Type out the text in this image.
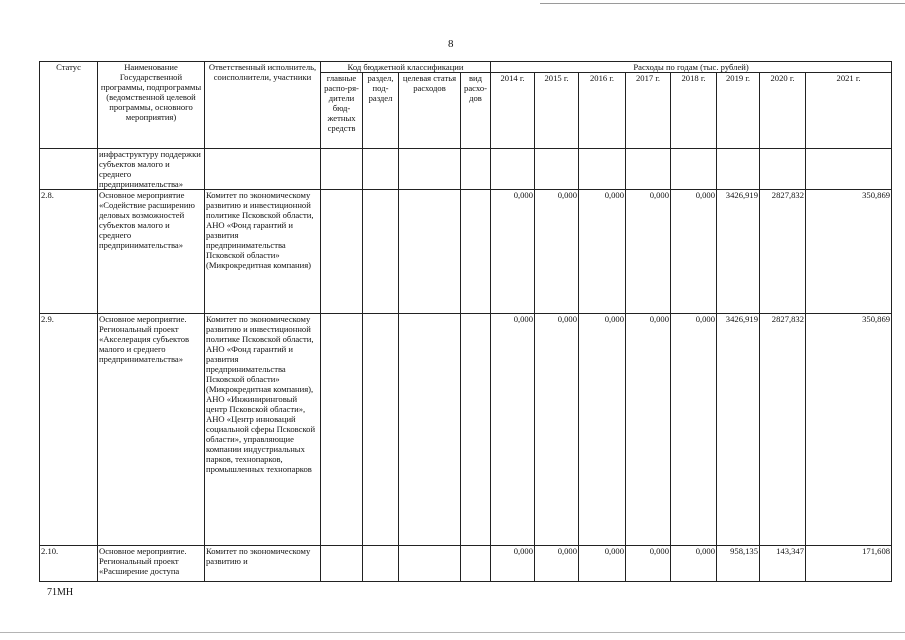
8
Статус	Наименование Государственной программы, подпрограммы (ведомственной целевой программы, основного мероприятия)	Ответственный исполнитель, соисполнители, участники	Код бюджетной классификации				Расходы по годам (тыс. рублей)							
			главные распо-ря-дители бюд-жетных средств	раздел, под-раздел	целевая статья расходов	вид расхо-дов	2014 г.	2015 г.	2016 г.	2017 г.	2018 г.	2019 г.	2020 г.	2021 г.
	инфраструктуру поддержки субъектов малого и среднего предпринимательства»													
2.8.	Основное мероприятие «Содействие расширению деловых возможностей субъектов малого и среднего предпринимательства»	Комитет по экономическому развитию и инвестиционной политике Псковской области, АНО «Фонд гарантий и развития предпринимательства Псковской области» (Микрокредитная компания)					0,000	0,000	0,000	0,000	0,000	3426,919	2827,832	350,869
2.9.	Основное мероприятие. Региональный проект «Акселерация субъектов малого и среднего предпринимательства»	Комитет по экономическому развитию и инвестиционной политике Псковской области, АНО «Фонд гарантий и развития предпринимательства Псковской области» (Микрокредитная компания), АНО «Инжиниринговый центр Псковской области», АНО «Центр инноваций социальной сферы Псковской области», управляющие компании индустриальных парков, технопарков, промышленных технопарков					0,000	0,000	0,000	0,000	0,000	3426,919	2827,832	350,869
2.10.	Основное мероприятие. Региональный проект «Расширение доступа	Комитет по экономическому развитию и					0,000	0,000	0,000	0,000	0,000	958,135	143,347	171,608
71МН
